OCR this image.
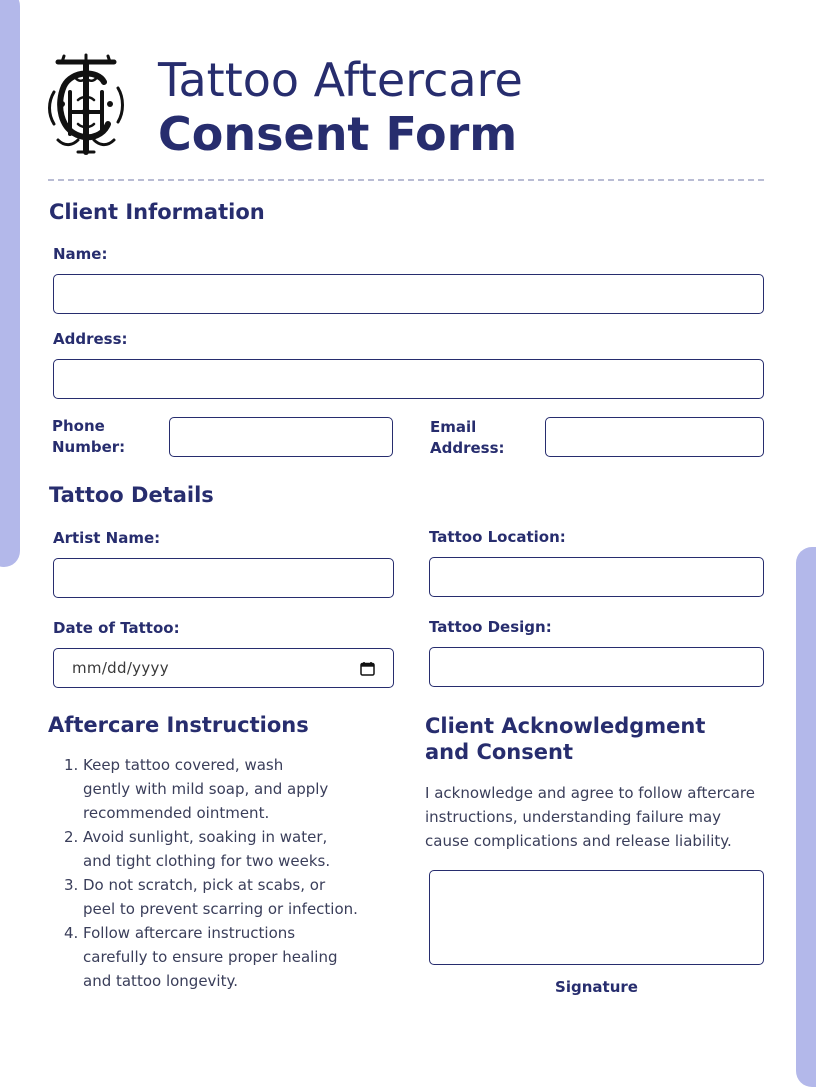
Tattoo Aftercare
Consent Form
Client Information
Name:
Address:
Phone
Number:
Email
Address:
Tattoo Details
Artist Name:	Tattoo Location:
Date of Tattoo:
mm/dd/yyyy
Tattoo Design:
Aftercare Instructions
1. Keep tattoo covered, wash
gently with mild soap, and apply
recommended ointment.
2. Avoid sunlight, soaking in water,
and tight clothing for two weeks.
3. Do not scratch, pick at scabs, or
peel to prevent scarring or infection.
4. Follow aftercare instructions
carefully to ensure proper healing
and tattoo longevity.
Client Acknowledgment
and Consent
I acknowledge and agree to follow aftercare
instructions, understanding failure may
cause complications and release liability.
Signature
